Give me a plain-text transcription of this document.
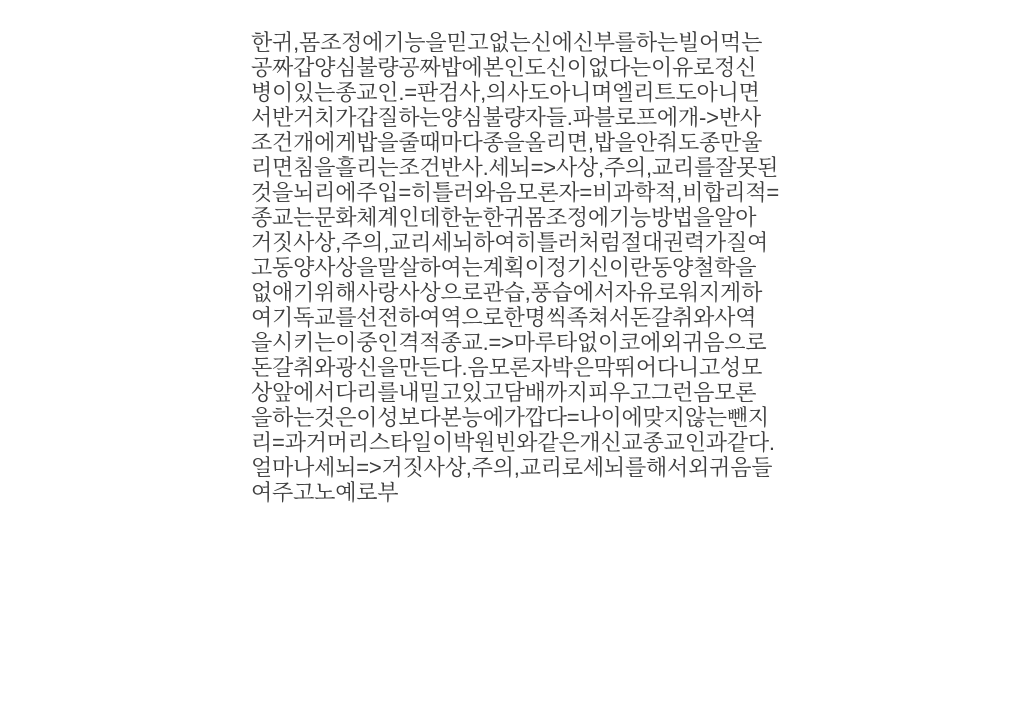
한귀,몸조정에기능을믿고없는신에신부를하는빌어먹는
공짜갑양심불량공짜밥에본인도신이없다는이유로정신
병이있는종교인.=판검사,의사도아니며엘리트도아니면
서반거치가갑질하는양심불량자들.파블로프에개->반사
조건개에게밥을줄때마다종을올리면,밥을안줘도종만울
리면침을흘리는조건반사.세뇌=>사상,주의,교리를잘못된
것을뇌리에주입=히틀러와음모론자=비과학적,비합리적=
종교는문화체계인데한눈한귀몸조정에기능방법을알아
거짓사상,주의,교리세뇌하여히틀러처럼절대권력가질여
고동양사상을말살하여는계획이정기신이란동양철학을
없애기위해사랑사상으로관습,풍습에서자유로워지게하
여기독교를선전하여역으로한명씩족쳐서돈갈취와사역
을시키는이중인격적종교.=>마루타없이코에외귀음으로
돈갈취와광신을만든다.음모론자박은막뛰어다니고성모
상앞에서다리를내밀고있고담배까지피우고그런음모론
을하는것은이성보다본능에가깝다=나이에맞지않는뺀지
리=과거머리스타일이박원빈와같은개신교종교인과같다.
얼마나세뇌=>거짓사상,주의,교리로세뇌를해서외귀음들
여주고노예로부
